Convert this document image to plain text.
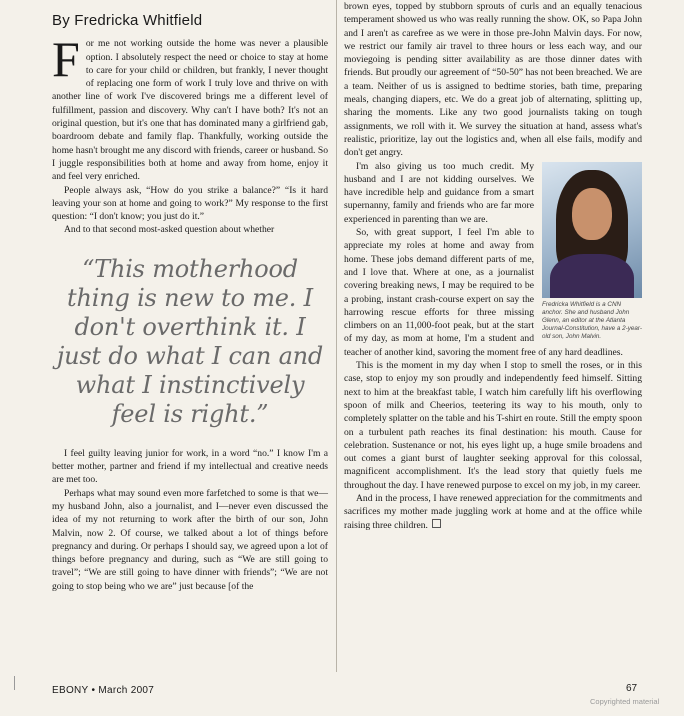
By Fredricka Whitfield

For me not working outside the home was never a plausible option. I absolutely respect the need or choice to stay at home to care for your child or children, but frankly, I never thought of replacing one form of work I truly love and thrive on with another line of work I've discovered brings me a different level of fulfillment, passion and discovery. Why can't I have both? It's not an original question, but it's one that has dominated many a girlfriend gab, boardroom debate and family flap. Thankfully, working outside the home hasn't brought me any discord with friends, career or husband. So I juggle responsibilities both at home and away from home, enjoy it and feel very enriched.

People always ask, “How do you strike a balance?” “Is it hard leaving your son at home and going to work?” My response to the first question: “I don't know; you just do it.”

And to that second most-asked question about whether

“This motherhood thing is new to me. I don't overthink it. I just do what I can and what I instinctively feel is right.”

I feel guilty leaving junior for work, in a word “no.” I know I'm a better mother, partner and friend if my intellectual and creative needs are met too.

Perhaps what may sound even more farfetched to some is that we—my husband John, also a journalist, and I—never even discussed the idea of my not returning to work after the birth of our son, John Malvin, now 2. Of course, we talked about a lot of things before pregnancy and during. Or perhaps I should say, we agreed upon a lot of things before pregnancy and during, such as “We are still going to travel”; “We are still going to have dinner with friends”; “We are not going to stop being who we are” just because [of the

brown eyes, topped by stubborn sprouts of curls and an equally tenacious temperament showed us who was really running the show. OK, so Papa John and I aren't as carefree as we were in those pre-John Malvin days. For now, we restrict our family air travel to three hours or less each way, and our moviegoing is pending sitter availability as are those dinner dates with friends. But proudly our agreement of “50-50” has not been breached. We are a team. Neither of us is assigned to bedtime stories, bath time, preparing meals, changing diapers, etc. We do a great job of alternating, splitting up, sharing the moments. Like any two good journalists taking on tough assignments, we roll with it. We survey the situation at hand, assess what's realistic, prioritize, lay out the logistics and, when all else fails, modify and don't get angry.

Fredricka Whitfield is a CNN anchor. She and husband John Glenn, an editor at the Atlanta Journal-Constitution, have a 2-year-old son, John Malvin.

I'm also giving us too much credit. My husband and I are not kidding ourselves. We have incredible help and guidance from a smart supernanny, family and friends who are far more experienced in parenting than we are.

So, with great support, I feel I'm able to appreciate my roles at home and away from home. These jobs demand different parts of me, and I love that. Where at one, as a journalist covering breaking news, I may be required to be a probing, instant crash-course expert on say the harrowing rescue efforts for three missing climbers on an 11,000-foot peak, but at the start of my day, as mom at home, I'm a student and teacher of another kind, savoring the moment free of any hard deadlines.

This is the moment in my day when I stop to smell the roses, or in this case, stop to enjoy my son proudly and independently feed himself. Sitting next to him at the breakfast table, I watch him carefully lift his overflowing spoon of milk and Cheerios, teetering its way to his mouth, only to completely splatter on the table and his T-shirt en route. Still the empty spoon on a turbulent path reaches its final destination: his mouth. Cause for celebration. Sustenance or not, his eyes light up, a huge smile broadens and out comes a giant burst of laughter seeking approval for this colossal, magnificent accomplishment. It's the lead story that quietly fuels me throughout the day. I have renewed purpose to excel on my job, in my career.

And in the process, I have renewed appreciation for the commitments and sacrifices my mother made juggling work at home and at the office while raising three children.

EBONY • March 2007	67
Copyrighted material
